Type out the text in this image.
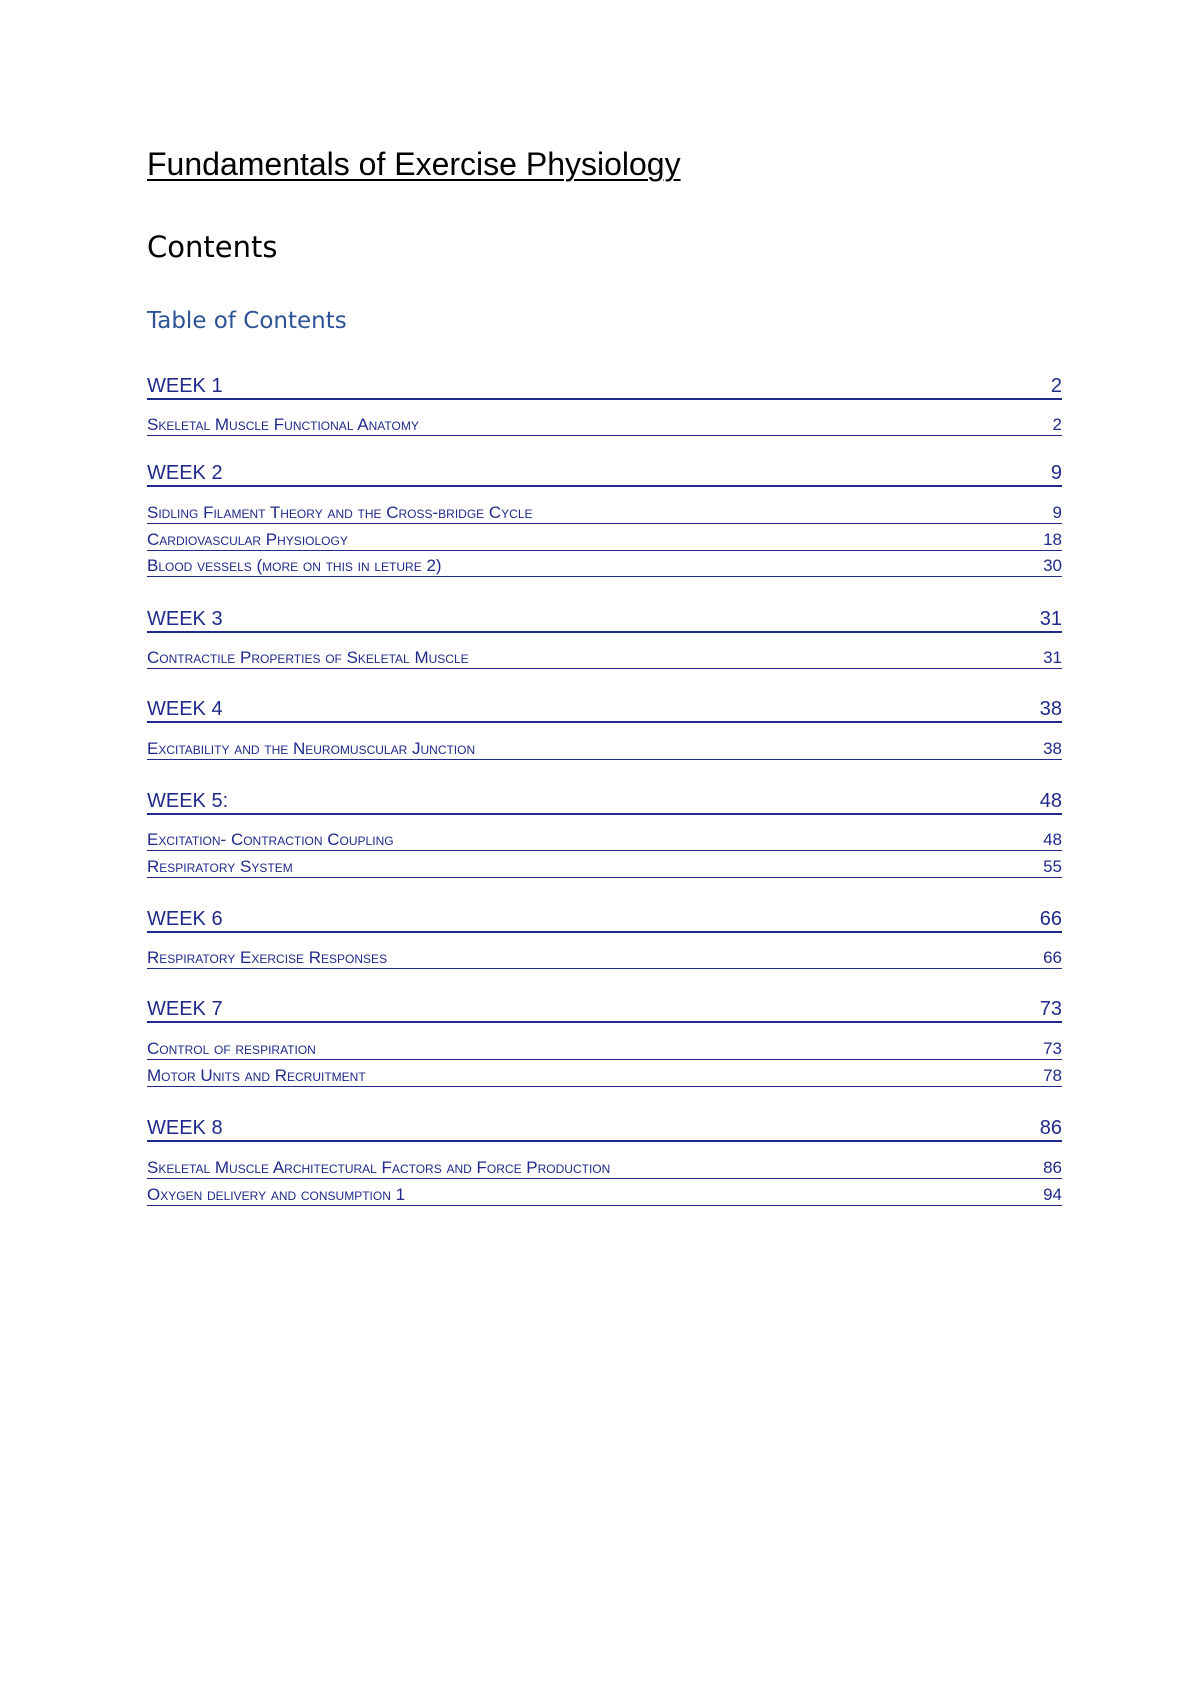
Fundamentals of Exercise Physiology
Contents
Table of Contents
WEEK 1	2
Skeletal Muscle Functional Anatomy	2
WEEK 2	9
Sidling Filament Theory and the Cross-bridge Cycle	9
Cardiovascular Physiology	18
Blood vessels (more on this in leture 2)	30
WEEK 3	31
Contractile Properties of Skeletal Muscle	31
WEEK 4	38
Excitability and the Neuromuscular Junction	38
WEEK 5:	48
Excitation- Contraction Coupling	48
Respiratory System	55
WEEK 6	66
Respiratory Exercise Responses	66
WEEK 7	73
Control of respiration	73
Motor Units and Recruitment	78
WEEK 8	86
Skeletal Muscle Architectural Factors and Force Production	86
Oxygen delivery and consumption 1	94
